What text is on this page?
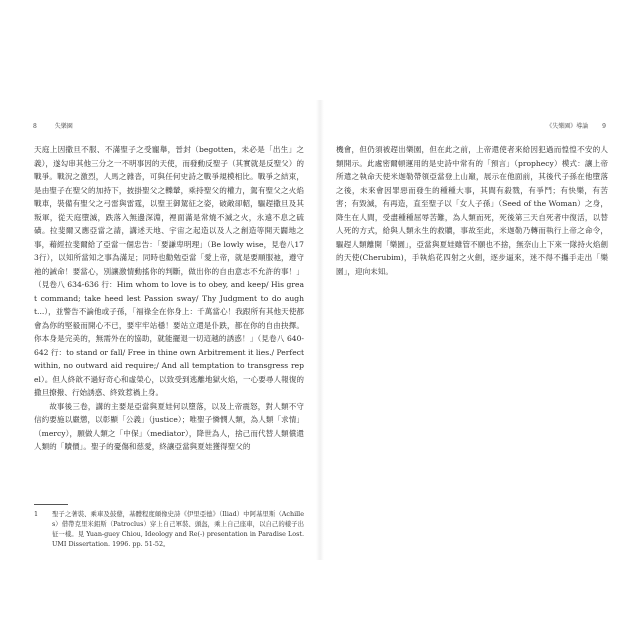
8	失樂園

天庭上因撒旦不服、不滿聖子之受寵舉，晉封（begotten，未必是「出生」之義），遂勾串其他三分之一不明事因的天使，而發動反聖子（其實就是反聖父）的戰爭。戰況之激烈，人馬之雜沓，可與任何史詩之戰爭規模相比。戰爭之結束，是由聖子在聖父的加持下，披掛聖父之轢輦，乘持聖父的權力，駕有聖父之火焰戰車，裝備有聖父之弓雷與雷霆，以聖王御駕征之姿，破敵卻軺，驅趕撒旦及其叛軍，從天庭墮滅，跌落入無邊深淵，裡面滿是常燒不滅之火，永遠不息之硫磺。拉斐爾又應亞當之請，講述天地、宇宙之起造以及人之創造等開天闢地之事，藉經拉斐爾給了亞當一個忠告：「要謙卑明理」（Be lowly wise，見卷八173行），以知所當知之事為滿足；同時也勸勉亞當「愛上帝，就是要順服祂，遵守祂的誡命！要當心，別讓激情動搖你的判斷，做出你的自由意志不允許的事！」（見卷八 634-636 行：Him whom to love is to obey, and keep/ His great command; take heed lest Passion sway/ Thy Judgment to do aught...），並警告不論他或子孫，「福祿全在你身上：千萬當心！我跟所有其他天使都會為你的堅毅而開心不已，要牢牢站穩！要站立還是仆跌，都在你的自由抉擇。你本身是完美的，無需外在的協助，就能擺退一切這越的誘惑！」（見卷八 640-642 行：to stand or fall/ Free in thine own Arbitrement it lies./ Perfect within, no outward aid require;/ And all temptation to transgress repel）。但人終歆不過好奇心和虛榮心，以致受到逃離地獄火焰，一心要尋人報復的撒旦撩撥、行始誘惑、終致惹禍上身。

故事後三卷，講的主要是亞當與夏娃何以墮落，以及上帝震怒，對人類不守信約要施以嚴懲，以彰顯「公義」（justice）；唯聖子憐憫人類，為人類「求情」（mercy），願做人類之「中保」（mediator），降世為人，捨己而代替人類償還人類的「贖價」。聖子的憂傷和慈愛，終讓亞當與夏娃獲得聖父的

1 聖子之著裝、乘車及鼓鼙，基體程度頗像史詩《伊里亞德》（Iliad）中阿基里斯（Achilles）借帶克里米鋁斯（Patroclus）穿上自己軍裝、頭盔，乘上自己座車，以自己的樣子出征一樣。見 Yuan-guey Chiou, Ideology and Re(-) presentation in Paradise Lost. UMI Dissertation. 1996. pp. 51-52。
《失樂園》導論 9

機會，但仍須被趕出樂園，但在此之前，上帝還使者來給因犯過而惶惶不安的人類開示。此處密爾頓運用的是史詩中常有的「預言」（prophecy）模式：讓上帝所遣之執命天使米迦勒帶領亞當登上山巔，展示在他面前，其後代子孫在他墮落之後，未來會因罪惡而發生的種種大事，其間有殺戮，有爭鬥；有快樂，有苦害；有毀滅，有再造，直至聖子以「女人子孫」（Seed of the Woman）之身，降生在人間，受盡種種屈辱苦難，為人類而死，死後第三天自死者中復活，以替人死的方式，給與人類永生的救贖，事故至此，米迦勒乃轉而執行上帝之命令，驅趕人類離開「樂園」，亞當與夏娃雖管不願也不捨，無奈山上下來一隊持火焰劍的天使(Cherubim)，手執焰花四射之火劍，逐步逼來，迷不得不攜手走出「樂園」，迎向未知。
